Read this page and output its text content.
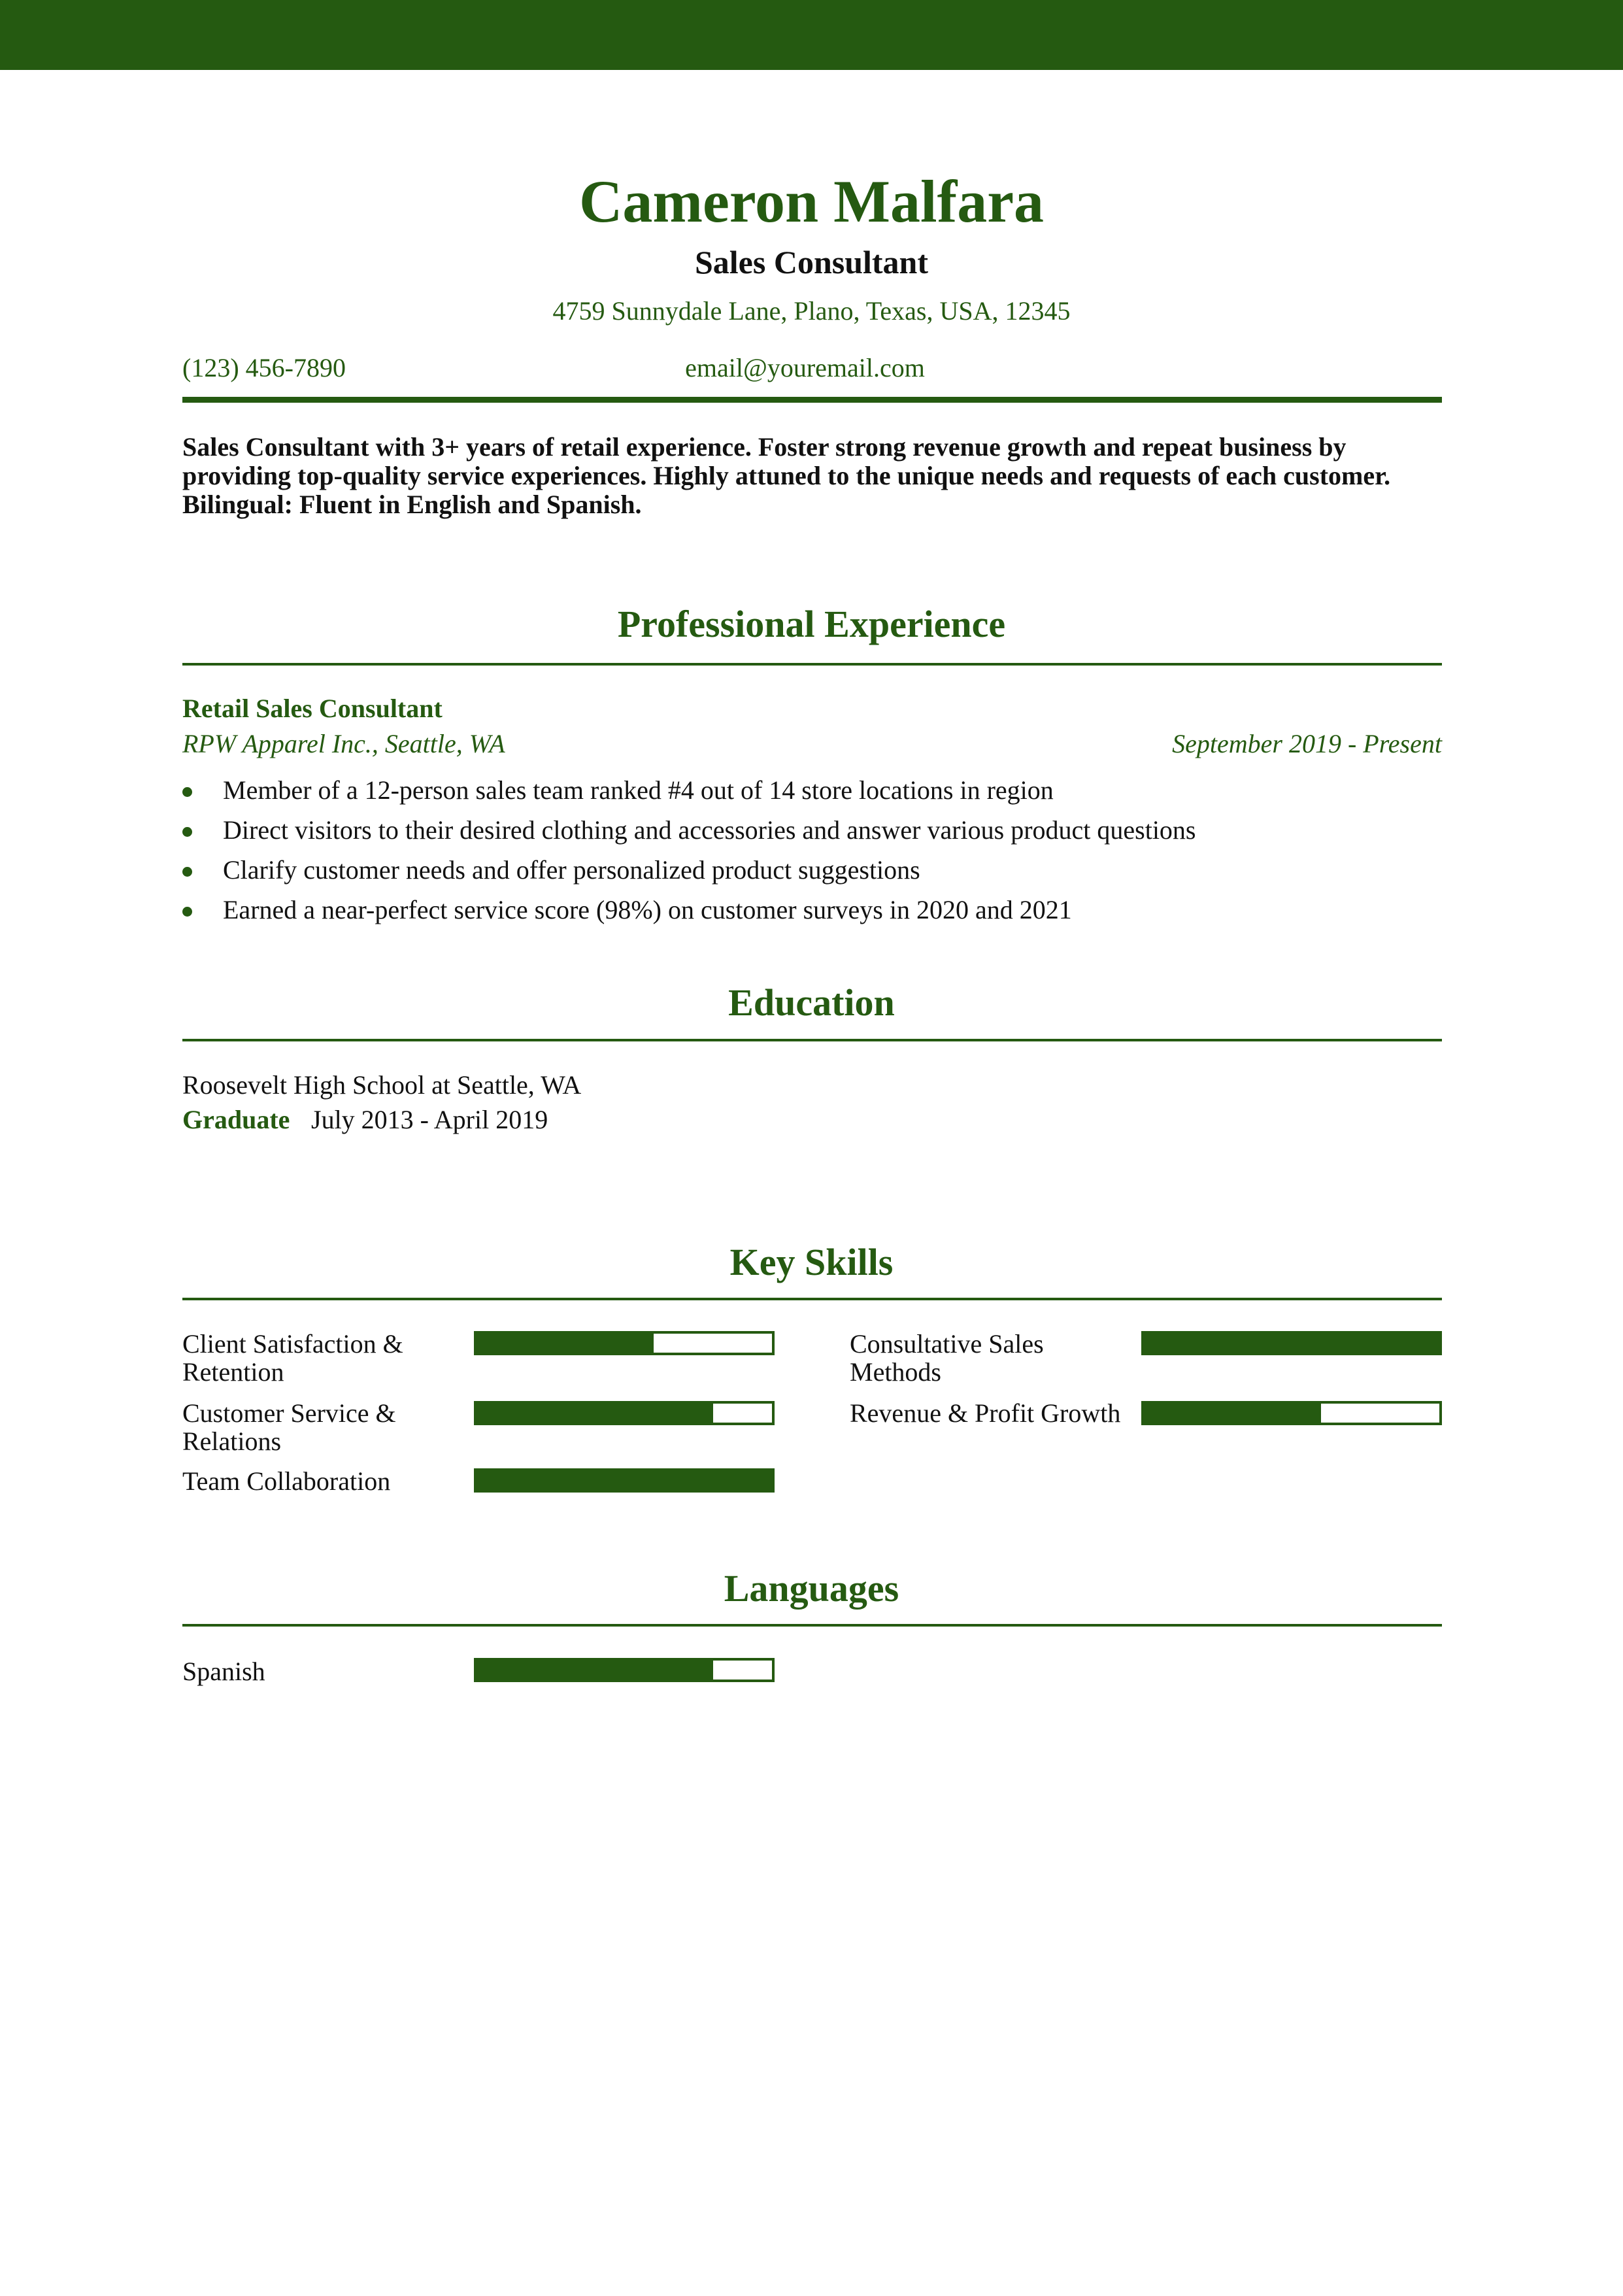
Cameron Malfara
Sales Consultant
4759 Sunnydale Lane, Plano, Texas, USA, 12345
(123) 456-7890	email@youremail.com
Sales Consultant with 3+ years of retail experience. Foster strong revenue growth and repeat business by providing top-quality service experiences. Highly attuned to the unique needs and requests of each customer. Bilingual: Fluent in English and Spanish.
Professional Experience
Retail Sales Consultant
RPW Apparel Inc., Seattle, WA	September 2019 - Present
Member of a 12-person sales team ranked #4 out of 14 store locations in region
Direct visitors to their desired clothing and accessories and answer various product questions
Clarify customer needs and offer personalized product suggestions
Earned a near-perfect service score (98%) on customer surveys in 2020 and 2021
Education
Roosevelt High School at Seattle, WA
Graduate July 2013 - April 2019
Key Skills
Client Satisfaction & Retention
Consultative Sales Methods
Customer Service & Relations
Revenue & Profit Growth
Team Collaboration
Languages
Spanish
